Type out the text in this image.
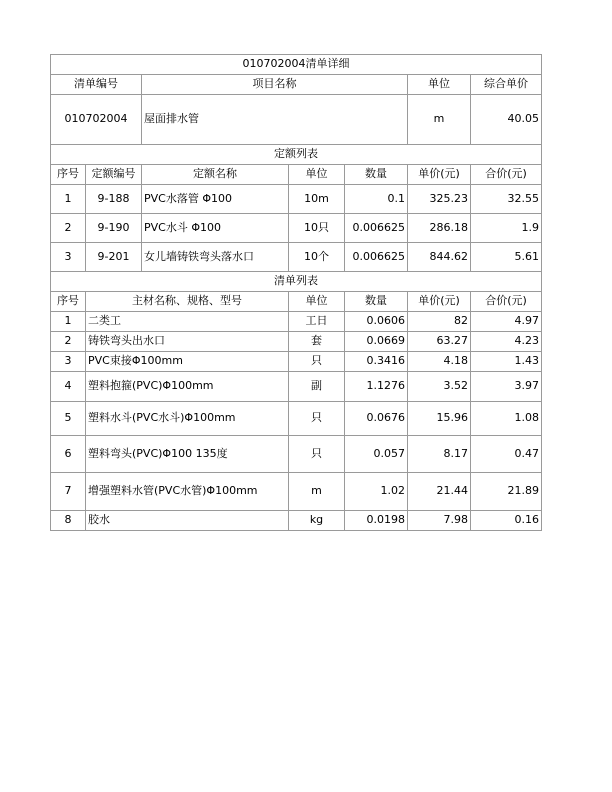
010702004清单详细						
清单编号		项目名称			单位	综合单价
010702004		屋面排水管			m	40.05
定额列表						
序号	定额编号	定额名称	单位	数量	单价(元)	合价(元)
1	9-188	PVC水落管 Φ100	10m	0.1	325.23	32.55
2	9-190	PVC水斗 Φ100	10只	0.006625	286.18	1.9
3	9-201	女儿墙铸铁弯头落水口	10个	0.006625	844.62	5.61
清单列表						
序号	主材名称、规格、型号		单位	数量	单价(元)	合价(元)
1	二类工		工日	0.0606	82	4.97
2	铸铁弯头出水口		套	0.0669	63.27	4.23
3	PVC束接Φ100mm		只	0.3416	4.18	1.43
4	塑料抱箍(PVC)Φ100mm		副	1.1276	3.52	3.97
5	塑料水斗(PVC水斗)Φ100mm		只	0.0676	15.96	1.08
6	塑料弯头(PVC)Φ100 135度		只	0.057	8.17	0.47
7	增强塑料水管(PVC水管)Φ100mm		m	1.02	21.44	21.89
8	胶水		kg	0.0198	7.98	0.16
